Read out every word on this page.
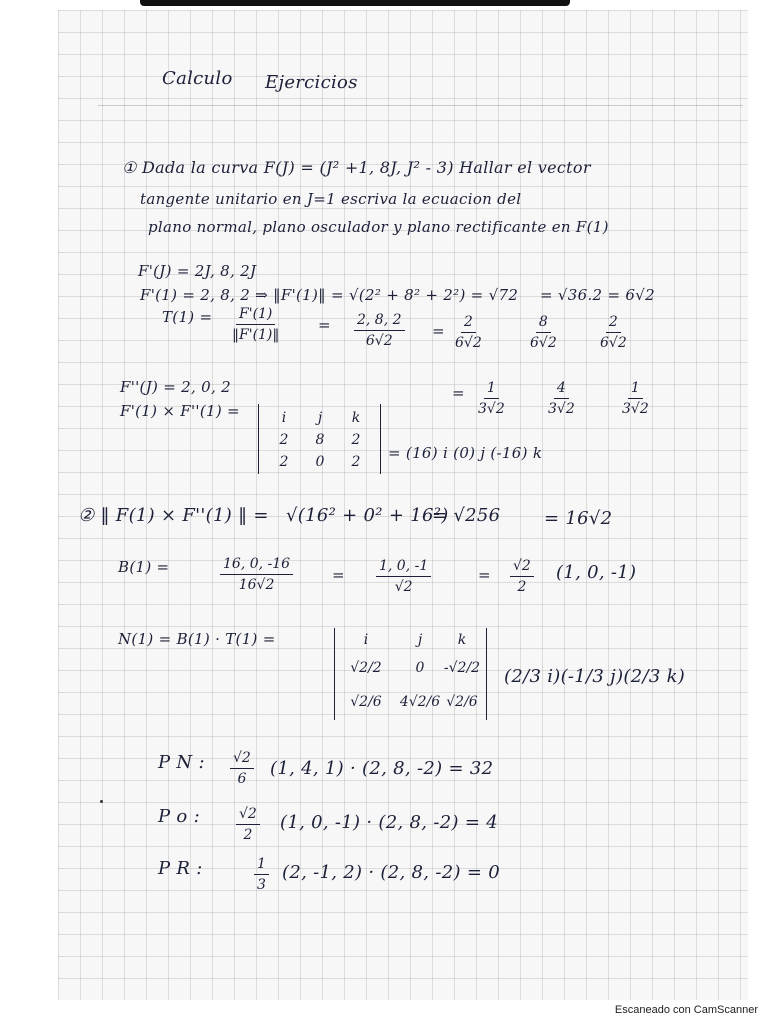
Calculo Ejercicios
① Dada la curva F(J) = (J² +1, 8J, J² - 3) Hallar el vector
tangente unitario en J=1 escriva la ecuacion del
plano normal, plano osculador y plano rectificante en F(1)
F'(J) = 2J, 8, 2J
F'(1) = 2, 8, 2 ⇒ ‖F'(1)‖ = √(2² + 8² + 2²) = √72 = √36.2 = 6√2
$T(1) = \frac{F'(1)}{‖F'(1)‖}$	= $\frac{2, 8, 2}{6√2} = \frac{2}{6√2}$	$\frac{8}{6√2}$	$\frac{2}{6√2}$
F''(J) = 2, 0, 2
F'(1) × F''(1) =
= $\frac{1}{3√2}$	$\frac{4}{3√2}$	$\frac{1}{3√2}$
i	j	k
2	8	2
2	0	2	= (16) i (0) j (-16) k
② ‖ F(1) × F''(1) ‖ = √(16² + 0² + 16²)
= √256 = 16√2
B(1) =	$\frac{16, 0, -16}{16√2}$	= $\frac{1, 0, -1}{√2}$	= $\frac{√2}{2} (1$, 0, -1)
N(1) = B(1) · T(1) =	i	j	k
√2/2	0	-√2/2
√2/6	4√2/6 √2/6
(2/3 i)(-1/3 j)(2/3 k)
P N : $\frac{√2}{6} (1$, 4, 1) · (2, 8, -2) = 32
P o :	$\frac{√2}{2} (1$, 0, -1) · (2, 8, -2) = 4
P R :	$\frac{1}{3} (2$, -1, 2) · (2, 8, -2) = 0
Escaneado con CamScanner
